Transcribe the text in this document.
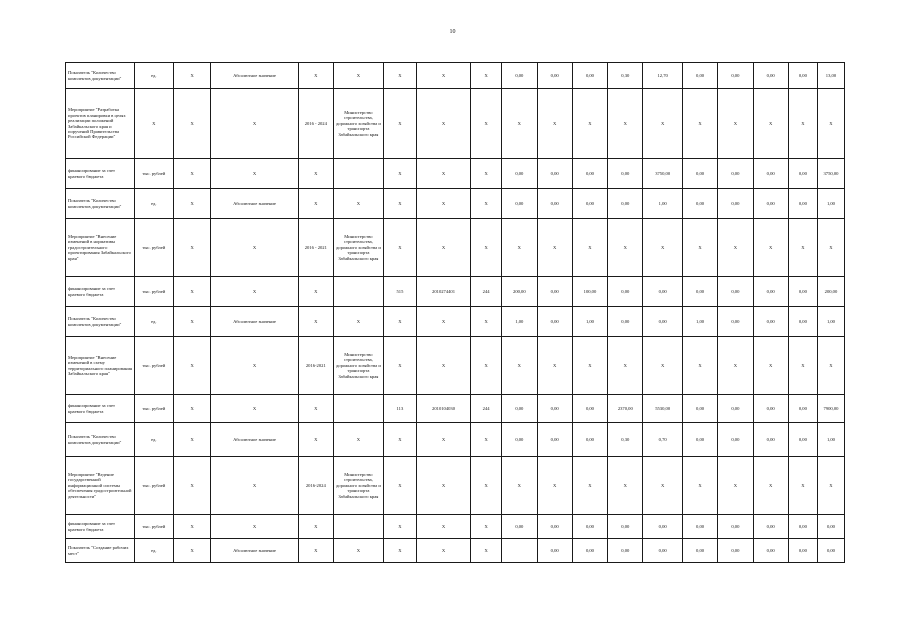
10
Показатель "Количество комплектов документации"	ед.	Х	Абсолютное значение	Х	Х	Х	Х	Х	0,00	0,00	0,00	0,30	12,70	0,00	0,00	0,00	0,00	13,00
Мероприятие "Разработка проектов планировки в целях реализации положений Забайкальского края и поручений Правительства Российской Федерации"	Х	Х	Х	2016 - 2024	Министерство строительства, дорожного хозяйства и транспорта Забайкальского края	Х	Х	Х	Х	Х	Х	Х	Х	Х	Х	Х	Х	Х
финансирование за счет краевого бюджета	тыс. рублей	Х	Х	Х		Х	Х	Х	0,00	0,00	0,00	0,00	3750,00	0,00	0,00	0,00	0,00	3750,00
Показатель "Количество комплектов документации"	ед.	Х	Абсолютное значение	Х	Х	Х	Х	Х	0,00	0,00	0,00	0,00	1,00	0,00	0,00	0,00	0,00	1,00
Мероприятие "Внесение изменений в нормативы градостроительного проектирования Забайкальского края"	тыс. рублей	Х	Х	2016 - 2021	Министерство строительства, дорожного хозяйства и транспорта Забайкальского края	Х	Х	Х	Х	Х	Х	Х	Х	Х	Х	Х	Х	Х
финансирование за счет краевого бюджета	тыс. рублей	Х	Х	Х		515	2010274401	244	200,00	0,00	100,00	0,00	0,00	0,00	0,00	0,00	0,00	200,00
Показатель "Количество комплектов документации"	ед.	Х	Абсолютное значение	Х	Х	Х	Х	Х	1,00	0,00	1,00	0,00	0,00	1,00	0,00	0,00	0,00	1,00
Мероприятие "Внесение изменений в схему территориального планирования Забайкальского края"	тыс. рублей	Х	Х	2016-2021	Министерство строительства, дорожного хозяйства и транспорта Забайкальского края	Х	Х	Х	Х	Х	Х	Х	Х	Х	Х	Х	Х	Х
финансирование за счет краевого бюджета	тыс. рублей	Х	Х	Х		113	2010104030	244	0,00	0,00	0,00	2370,00	5530,00	0,00	0,00	0,00	0,00	7900,00
Показатель "Количество комплектов документации"	ед.	Х	Абсолютное значение	Х	Х	Х	Х	Х	0,00	0,00	0,00	0,30	0,70	0,00	0,00	0,00	0,00	1,00
Мероприятие "Ведение государственной информационной системы обеспечения градостроительной деятельности"	тыс. рублей	Х	Х	2016-2024	Министерство строительства, дорожного хозяйства и транспорта Забайкальского края	Х	Х	Х	Х	Х	Х	Х	Х	Х	Х	Х	Х	Х
финансирование за счет краевого бюджета	тыс. рублей	Х	Х	Х		Х	Х	Х	0,00	0,00	0,00	0,00	0,00	0,00	0,00	0,00	0,00	0,00
Показатель "Создание рабочих мест"	ед.	Х	Абсолютное значение	Х	Х	Х	Х	Х		0,00	0,00	0,00	0,00	0,00	0,00	0,00	0,00	0,00
